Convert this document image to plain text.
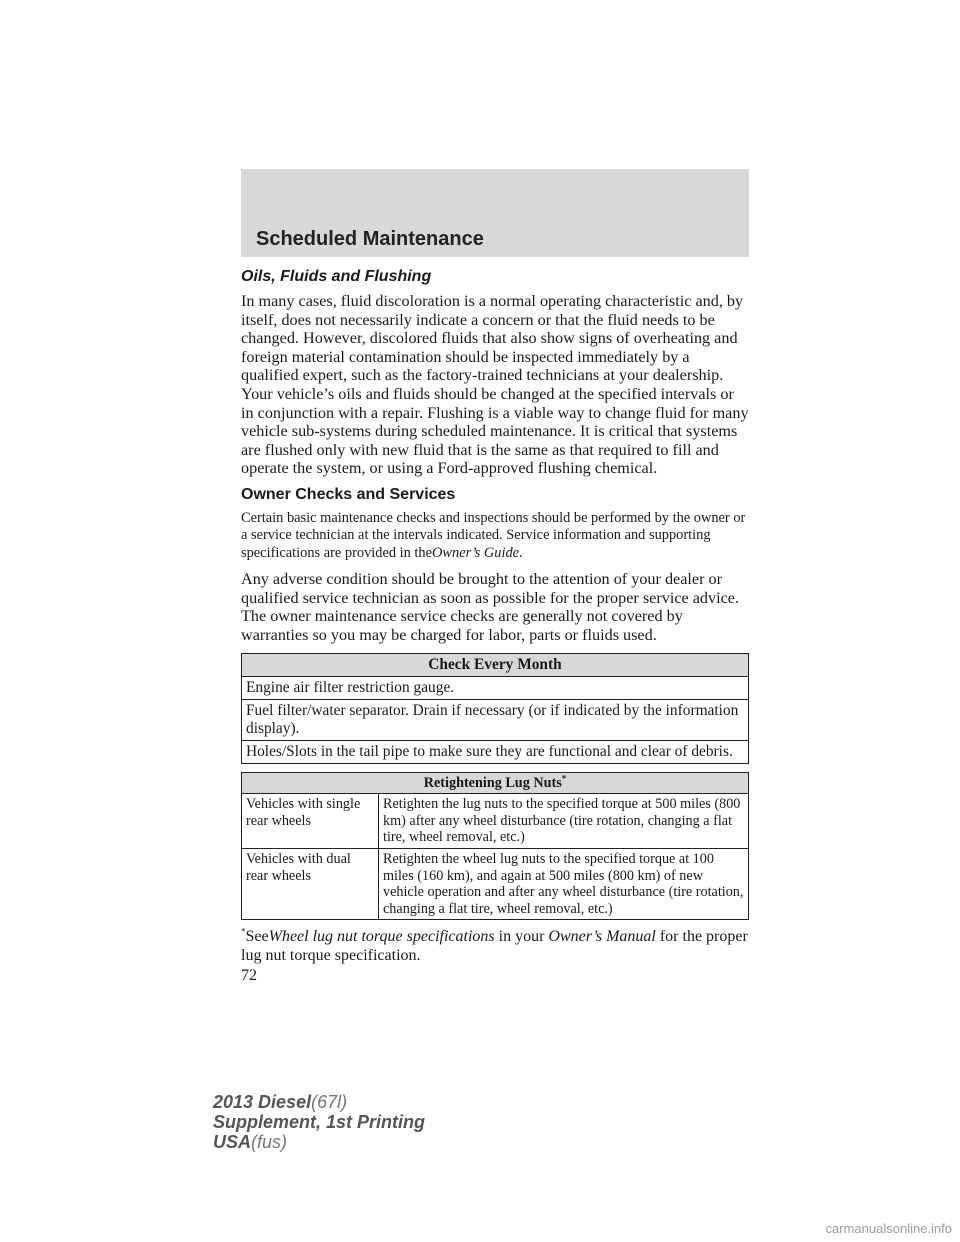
Scheduled Maintenance
Oils, Fluids and Flushing

In many cases, fluid discoloration is a normal operating characteristic and, by itself, does not necessarily indicate a concern or that the fluid needs to be changed. However, discolored fluids that also show signs of overheating and foreign material contamination should be inspected immediately by a qualified expert, such as the factory-trained technicians at your dealership. Your vehicle’s oils and fluids should be changed at the specified intervals or in conjunction with a repair. Flushing is a viable way to change fluid for many vehicle sub-systems during scheduled maintenance. It is critical that systems are flushed only with new fluid that is the same as that required to fill and operate the system, or using a Ford-approved flushing chemical.

Owner Checks and Services

Certain basic maintenance checks and inspections should be performed by the owner or a service technician at the intervals indicated. Service information and supporting specifications are provided in theOwner’s Guide.

Any adverse condition should be brought to the attention of your dealer or qualified service technician as soon as possible for the proper service advice. The owner maintenance service checks are generally not covered by warranties so you may be charged for labor, parts or fluids used.

Check Every Month
Engine air filter restriction gauge.
Fuel filter/water separator. Drain if necessary (or if indicated by the information display).
Holes/Slots in the tail pipe to make sure they are functional and clear of debris.
Retightening Lug Nuts*
Vehicles with single rear wheels	Retighten the lug nuts to the specified torque at 500 miles (800 km) after any wheel disturbance (tire rotation, changing a flat tire, wheel removal, etc.)
Vehicles with dual rear wheels	Retighten the wheel lug nuts to the specified torque at 100 miles (160 km), and again at 500 miles (800 km) of new vehicle operation and after any wheel disturbance (tire rotation, changing a flat tire, wheel removal, etc.)

*SeeWheel lug nut torque specifications in your Owner’s Manual for the proper lug nut torque specification.

72
2013 Diesel(67l)
Supplement, 1st Printing
USA(fus)
carmanualsonline.info
